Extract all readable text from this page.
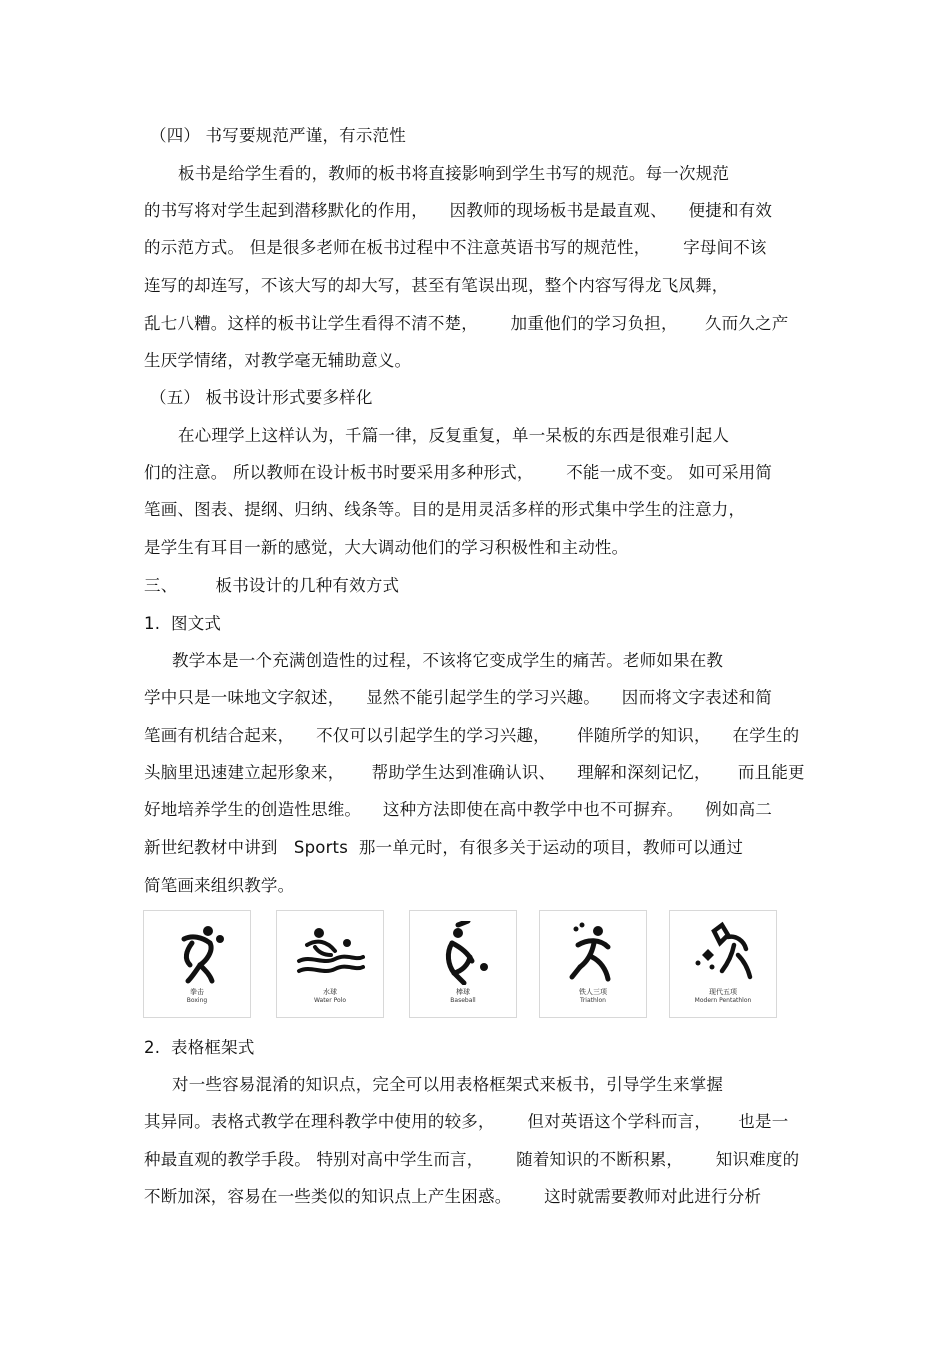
（四） 书写要规范严谨，有示范性
板书是给学生看的，教师的板书将直接影响到学生书写的规范。每一次规范
的书写将对学生起到潜移默化的作用，    因教师的现场板书是最直观、    便捷和有效
的示范方式。 但是很多老师在板书过程中不注意英语书写的规范性，      字母间不该
连写的却连写，不该大写的却大写，甚至有笔误出现，整个内容写得龙飞凤舞，
乱七八糟。这样的板书让学生看得不清不楚，      加重他们的学习负担，     久而久之产
生厌学情绪，对教学毫无辅助意义。
（五） 板书设计形式要多样化
在心理学上这样认为，千篇一律，反复重复，单一呆板的东西是很难引起人
们的注意。 所以教师在设计板书时要采用多种形式，      不能一成不变。 如可采用简
笔画、图表、提纲、归纳、线条等。目的是用灵活多样的形式集中学生的注意力，
是学生有耳目一新的感觉，大大调动他们的学习积极性和主动性。
三、       板书设计的几种有效方式
1.  图文式
教学本是一个充满创造性的过程，不该将它变成学生的痛苦。老师如果在教
学中只是一味地文字叙述，    显然不能引起学生的学习兴趣。    因而将文字表述和简
笔画有机结合起来，    不仅可以引起学生的学习兴趣，     伴随所学的知识，    在学生的
头脑里迅速建立起形象来，     帮助学生达到准确认识、    理解和深刻记忆，     而且能更
好地培养学生的创造性思维。    这种方法即使在高中教学中也不可摒弃。    例如高二
新世纪教材中讲到   Sports  那一单元时，有很多关于运动的项目，教师可以通过
简笔画来组织教学。
拳击
Boxing
水球
Water Polo
棒球
Baseball
铁人三项
Triathlon
现代五项
Modern Pentathlon
2.  表格框架式
对一些容易混淆的知识点，完全可以用表格框架式来板书，引导学生来掌握
其异同。表格式教学在理科教学中使用的较多，      但对英语这个学科而言，     也是一
种最直观的教学手段。 特别对高中学生而言，      随着知识的不断积累，      知识难度的
不断加深，容易在一些类似的知识点上产生困惑。      这时就需要教师对此进行分析
